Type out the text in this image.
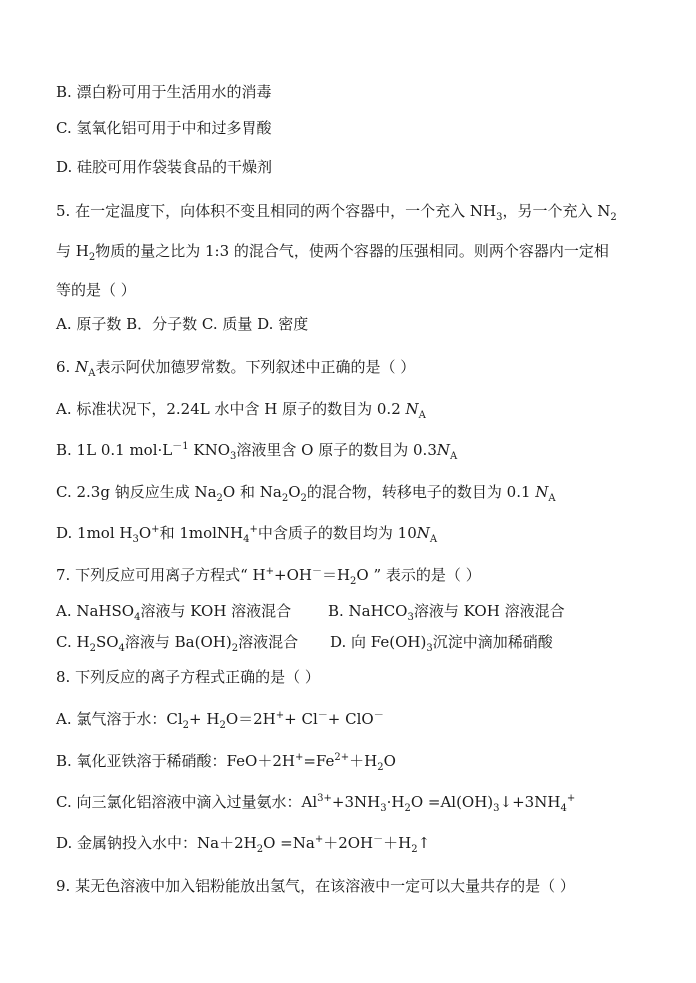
B. 漂白粉可用于生活用水的消毒
C. 氢氧化铝可用于中和过多胃酸
D. 硅胶可用作袋装食品的干燥剂
5. 在一定温度下，向体积不变且相同的两个容器中，一个充入 $NH_3$，另一个充入 $N_2$
与 $H_2$物质的量之比为 1:3 的混合气，使两个容器的压强相同。则两个容器内一定相
等的是（ ）
A. 原子数 B．分子数 C. 质量 D. 密度
6. $N_A$表示阿伏加德罗常数。下列叙述中正确的是（ ）
A. 标准状况下，2.24L 水中含 H 原子的数目为 0.2 $N_A$
B. 1L 0.1 $mol\cdot L^{-1}$ $KNO_3$溶液里含 O 原子的数目为 $0.3N_A$
C. 2.3g 钠反应生成 $Na_2O$ 和 $Na_2O_2$的混合物，转移电子的数目为 0.1 $N_A$
D. 1mol $H_3O^+$和 1molNH$_4$+中含质子的数目均为 $10N_A$
7. 下列反应可用离子方程式“ $H^++OH^-=H_2O$ ” 表示的是（ ）
A. NaHSO$_4$溶液与 KOH 溶液混合 B. NaHCO$_3$溶液与 KOH 溶液混合
C. $H_2SO_4$溶液与 $Ba(OH)_2$溶液混合 D. 向 $Fe(OH)_3$沉淀中滴加稀硝酸
8. 下列反应的离子方程式正确的是（ ）
A. 氯气溶于水：$Cl_2+ H_2O=2H^++ Cl^-+ ClO^-$
B. 氧化亚铁溶于稀硝酸：$FeO+2H^+=Fe^{2+}+H_2O$
C. 向三氯化铝溶液中滴入过量氨水：$Al^{3+}+3NH_3\cdot H_2O$ $=Al(OH)_3↓+3NH_4^+$
D. 金属钠投入水中：$Na+2H_2O$ $=Na^++2OH^-+H_2↑$
9. 某无色溶液中加入铝粉能放出氢气，在该溶液中一定可以大量共存的是（ ）
